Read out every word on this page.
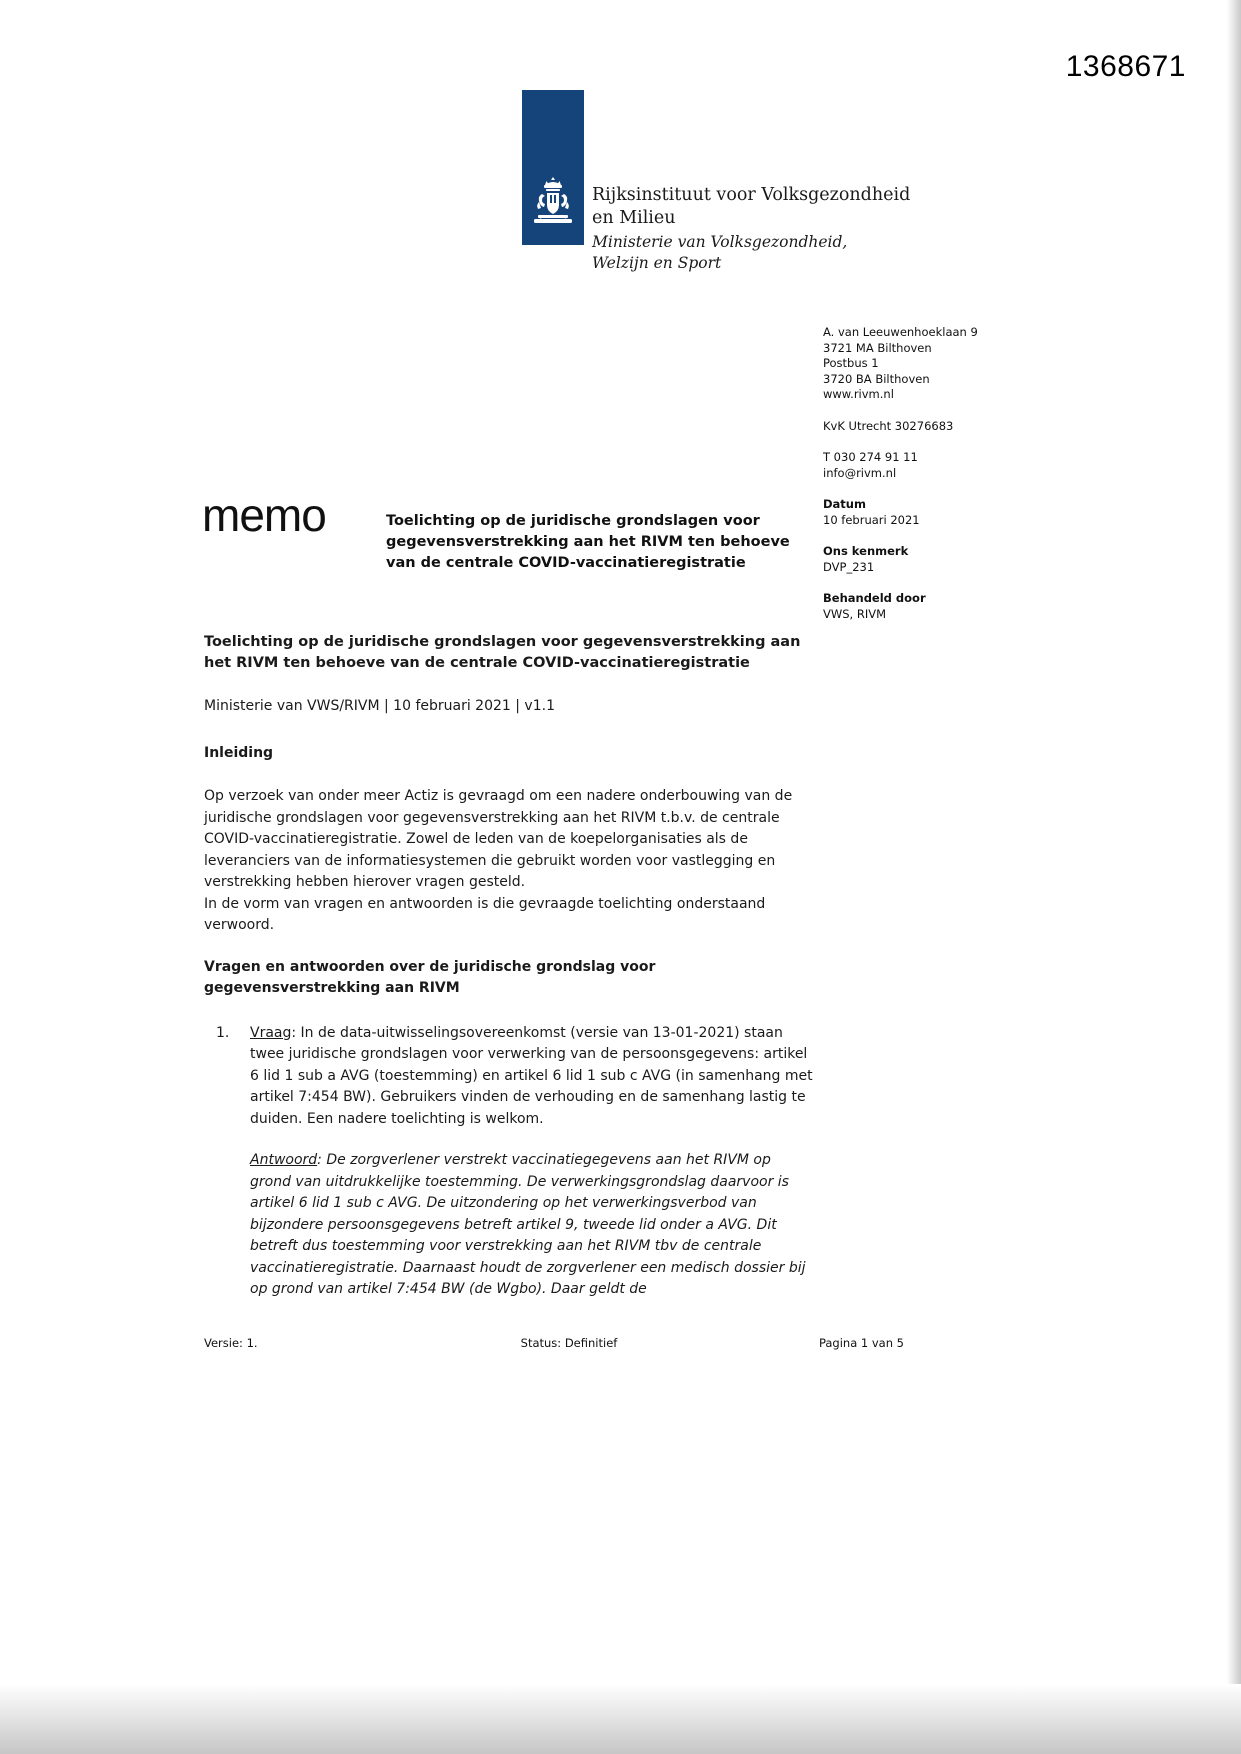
1368671
Rijksinstituut voor Volksgezondheid
en Milieu
Ministerie van Volksgezondheid,
Welzijn en Sport
A. van Leeuwenhoeklaan 9
3721 MA Bilthoven
Postbus 1
3720 BA Bilthoven
www.rivm.nl
KvK Utrecht 30276683
T 030 274 91 11
info@rivm.nl
Datum
10 februari 2021
Ons kenmerk
DVP_231
Behandeld door
VWS, RIVM
memo	Toelichting op de juridische grondslagen voor gegevensverstrekking aan het RIVM ten behoeve van de centrale COVID-vaccinatieregistratie
Toelichting op de juridische grondslagen voor gegevensverstrekking aan het RIVM ten behoeve van de centrale COVID-vaccinatieregistratie
Ministerie van VWS/RIVM | 10 februari 2021 | v1.1
Inleiding

Op verzoek van onder meer Actiz is gevraagd om een nadere onderbouwing van de juridische grondslagen voor gegevensverstrekking aan het RIVM t.b.v. de centrale COVID-vaccinatieregistratie. Zowel de leden van de koepelorganisaties als de leveranciers van de informatiesystemen die gebruikt worden voor vastlegging en verstrekking hebben hierover vragen gesteld.

In de vorm van vragen en antwoorden is die gevraagde toelichting onderstaand verwoord.

Vragen en antwoorden over de juridische grondslag voor gegevensverstrekking aan RIVM
Vraag: In de data-uitwisselingsovereenkomst (versie van 13-01-2021) staan twee juridische grondslagen voor verwerking van de persoonsgegevens: artikel 6 lid 1 sub a AVG (toestemming) en artikel 6 lid 1 sub c AVG (in samenhang met artikel 7:454 BW). Gebruikers vinden de verhouding en de samenhang lastig te duiden. Een nadere toelichting is welkom.
Antwoord: De zorgverlener verstrekt vaccinatiegegevens aan het RIVM op grond van uitdrukkelijke toestemming. De verwerkingsgrondslag daarvoor is artikel 6 lid 1 sub c AVG. De uitzondering op het verwerkingsverbod van bijzondere persoonsgegevens betreft artikel 9, tweede lid onder a AVG. Dit betreft dus toestemming voor verstrekking aan het RIVM tbv de centrale vaccinatieregistratie. Daarnaast houdt de zorgverlener een medisch dossier bij op grond van artikel 7:454 BW (de Wgbo). Daar geldt de
Versie: 1.	Status: Definitief	Pagina 1 van 5
